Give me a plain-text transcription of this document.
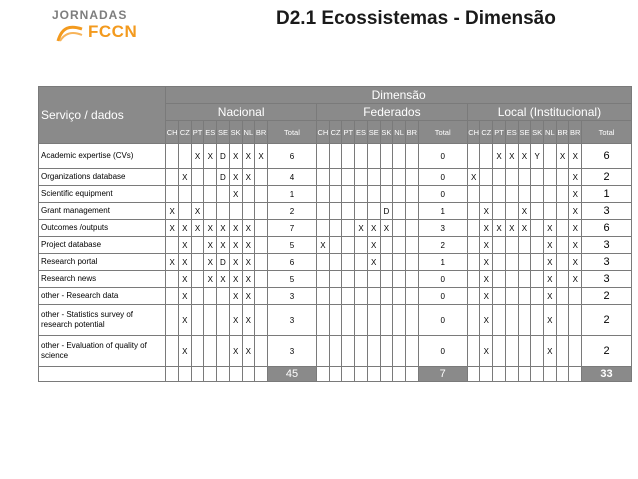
JORNADAS
FCCN
D2.1 Ecossistemas - Dimensão
Serviço / dados	Dimensão																											
	Nacional									Federados									Local (Institucional)									
	CH	CZ	PT	ES	SE	SK	NL	BR	Total	CH	CZ	PT	ES	SE	SK	NL	BR	Total	CH	CZ	PT	ES	SE	SK	NL	BR	BR	Total
Academic expertise (CVs)			X	X	D	X	X	X	6									0			X	X	X	Y		X	X	6
Organizations database		X			D	X	X		4									0	X								X	2
Scientific equipment						X			1									0									X	1
Grant management	X		X						2						D			1		X			X				X	3
Outcomes /outputs	X	X	X	X	X	X	X		7				X	X	X			3		X	X	X	X		X		X	6
Project database		X		X	X	X	X		5	X				X				2		X					X		X	3
Research portal	X	X		X	D	X	X		6					X				1		X					X		X	3
Research news		X		X	X	X	X		5									0		X					X		X	3
other - Research data		X				X	X		3									0		X					X			2
other - Statistics survey of research potential		X				X	X		3									0		X					X			2
other - Evaluation of quality of science		X				X	X		3									0		X					X			2
									45									7										33
